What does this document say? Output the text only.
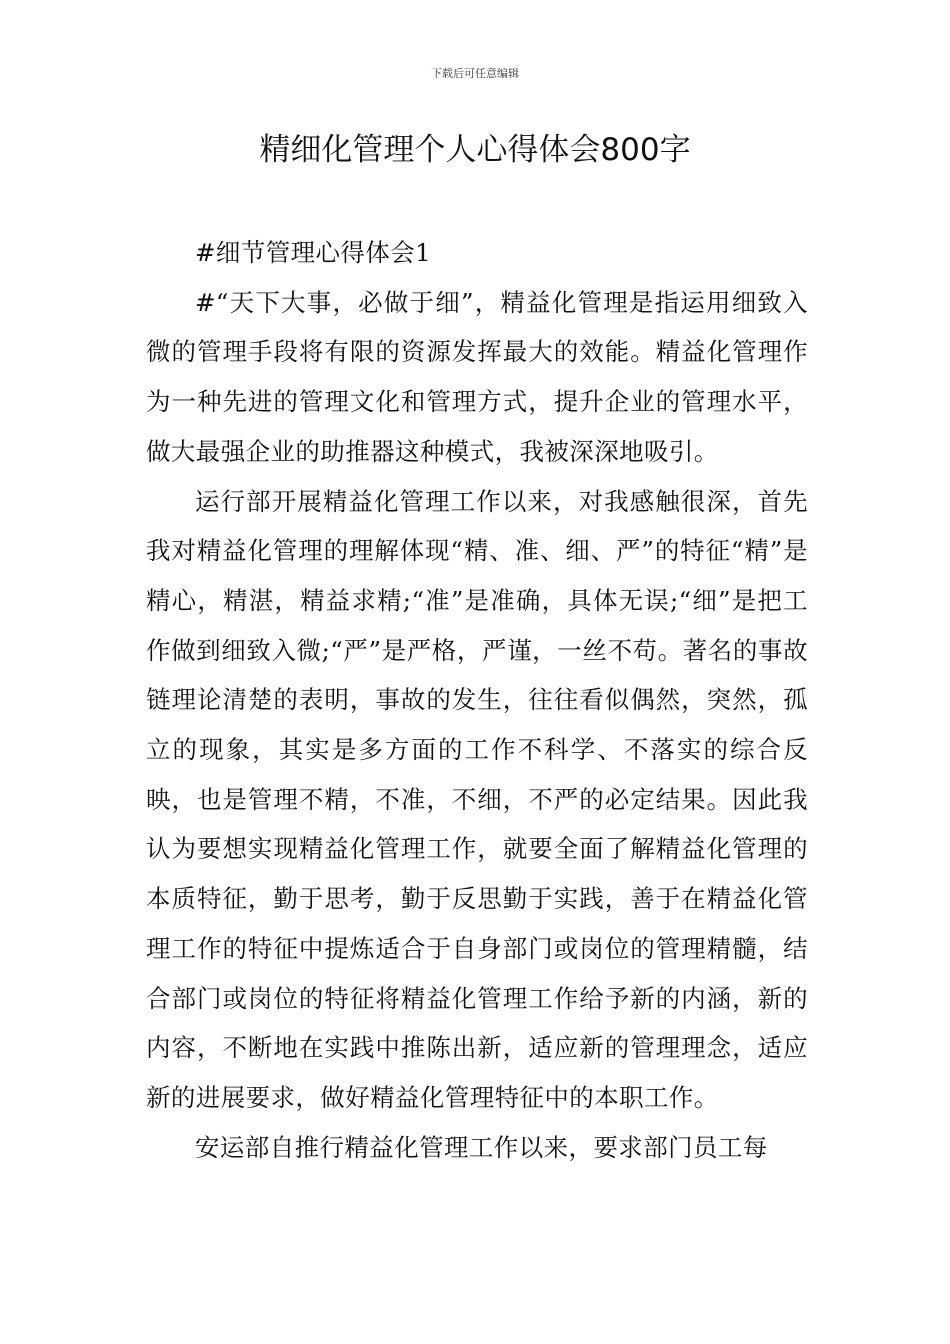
下载后可任意编辑
精细化管理个人心得体会800字

#细节管理心得体会1

#“天下大事，必做于细”，精益化管理是指运用细致入微的管理手段将有限的资源发挥最大的效能。精益化管理作为一种先进的管理文化和管理方式，提升企业的管理水平，做大最强企业的助推器这种模式，我被深深地吸引。

运行部开展精益化管理工作以来，对我感触很深，首先我对精益化管理的理解体现“精、准、细、严”的特征“精”是精心，精湛，精益求精;“准”是准确，具体无误;“细”是把工作做到细致入微;“严”是严格，严谨，一丝不苟。著名的事故链理论清楚的表明，事故的发生，往往看似偶然，突然，孤立的现象，其实是多方面的工作不科学、不落实的综合反映，也是管理不精，不准，不细，不严的必定结果。因此我认为要想实现精益化管理工作，就要全面了解精益化管理的本质特征，勤于思考，勤于反思勤于实践，善于在精益化管理工作的特征中提炼适合于自身部门或岗位的管理精髓，结合部门或岗位的特征将精益化管理工作给予新的内涵，新的内容，不断地在实践中推陈出新，适应新的管理理念，适应新的进展要求，做好精益化管理特征中的本职工作。

安运部自推行精益化管理工作以来，要求部门员工每
